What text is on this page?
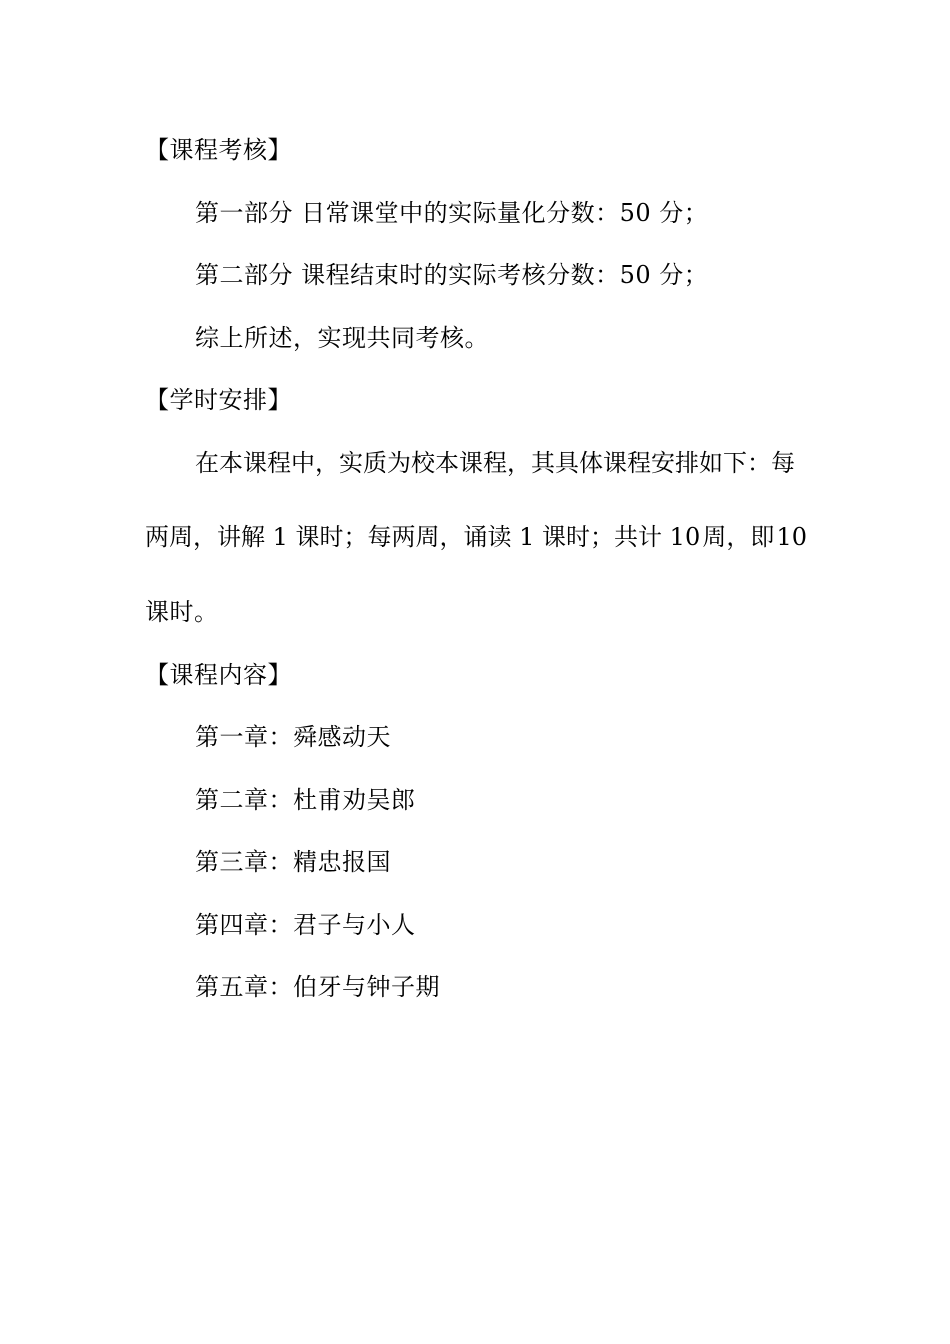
【课程考核】
第一部分 日常课堂中的实际量化分数：50 分；
第二部分 课程结束时的实际考核分数：50 分；
综上所述，实现共同考核。
【学时安排】
在本课程中，实质为校本课程，其具体课程安排如下：每
两周，讲解 1 课时；每两周，诵读 1 课时；共计 10 周，即 10
课时。
【课程内容】
第一章：舜感动天
第二章：杜甫劝吴郎
第三章：精忠报国
第四章：君子与小人
第五章：伯牙与钟子期
